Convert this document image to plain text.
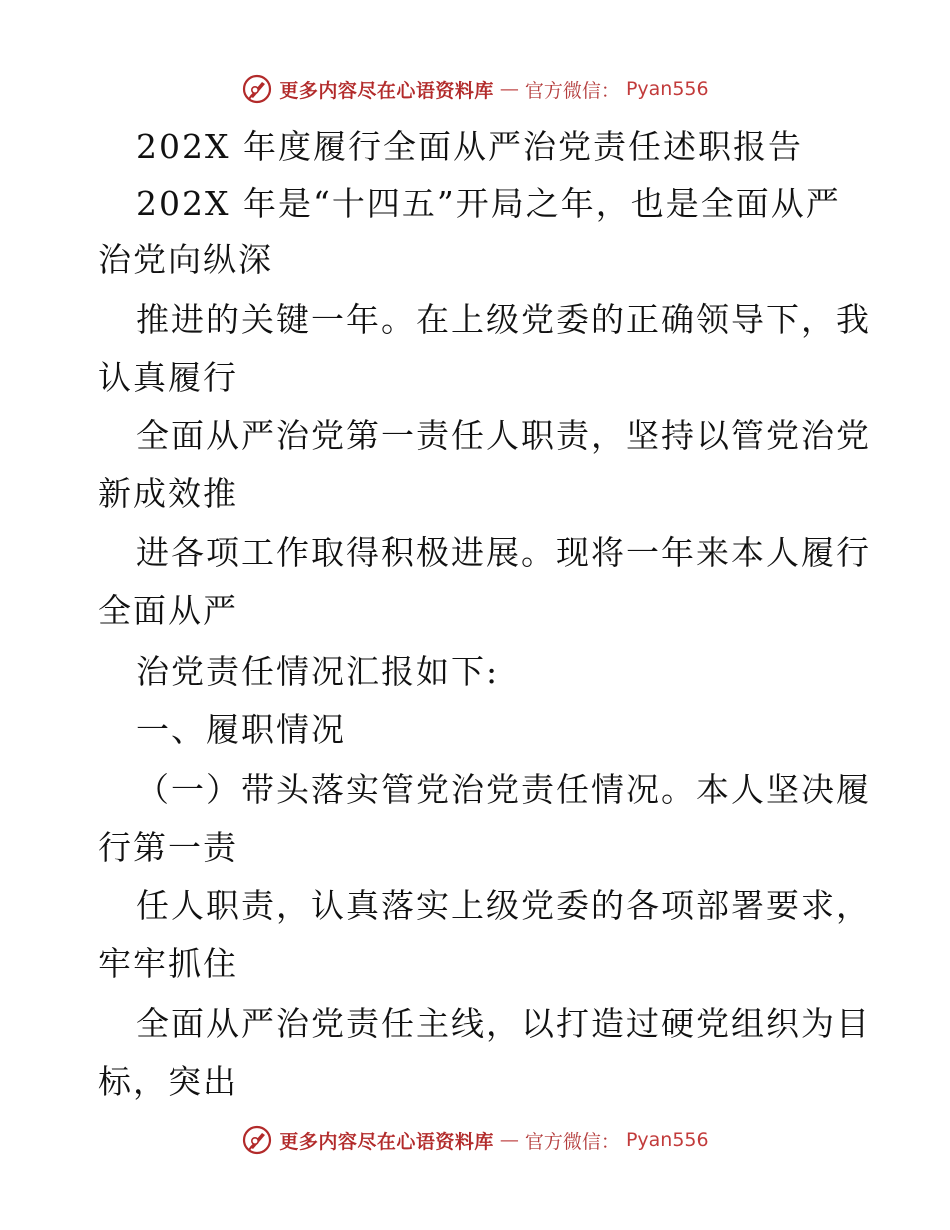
更多内容尽在心语资料库 — 官方微信： Pyan556
202X 年度履行全面从严治党责任述职报告
202X 年是“十四五”开局之年，也是全面从严
治党向纵深
推进的关键一年。在上级党委的正确领导下，我
认真履行
全面从严治党第一责任人职责，坚持以管党治党
新成效推
进各项工作取得积极进展。现将一年来本人履行
全面从严
治党责任情况汇报如下:
一、履职情况
（一）带头落实管党治党责任情况。本人坚决履
行第一责
任人职责，认真落实上级党委的各项部署要求，
牢牢抓住
全面从严治党责任主线，以打造过硬党组织为目
标，突出
更多内容尽在心语资料库 — 官方微信： Pyan556
